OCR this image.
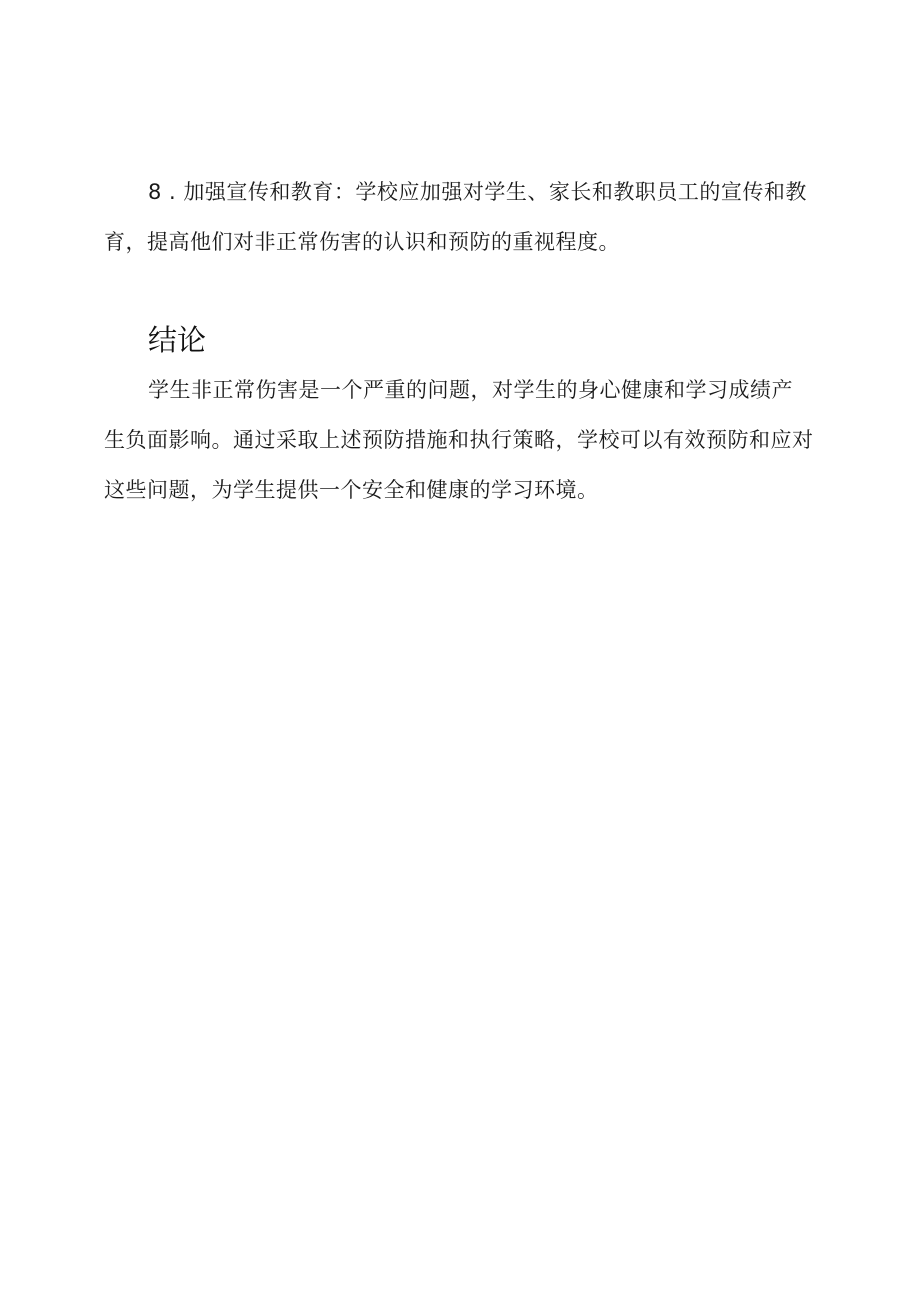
8 . 加强宣传和教育：学校应加强对学生、家长和教职员工的宣传和教
育，提高他们对非正常伤害的认识和预防的重视程度。

结论

学生非正常伤害是一个严重的问题，对学生的身心健康和学习成绩产
生负面影响。通过采取上述预防措施和执行策略，学校可以有效预防和应对
这些问题，为学生提供一个安全和健康的学习环境。
